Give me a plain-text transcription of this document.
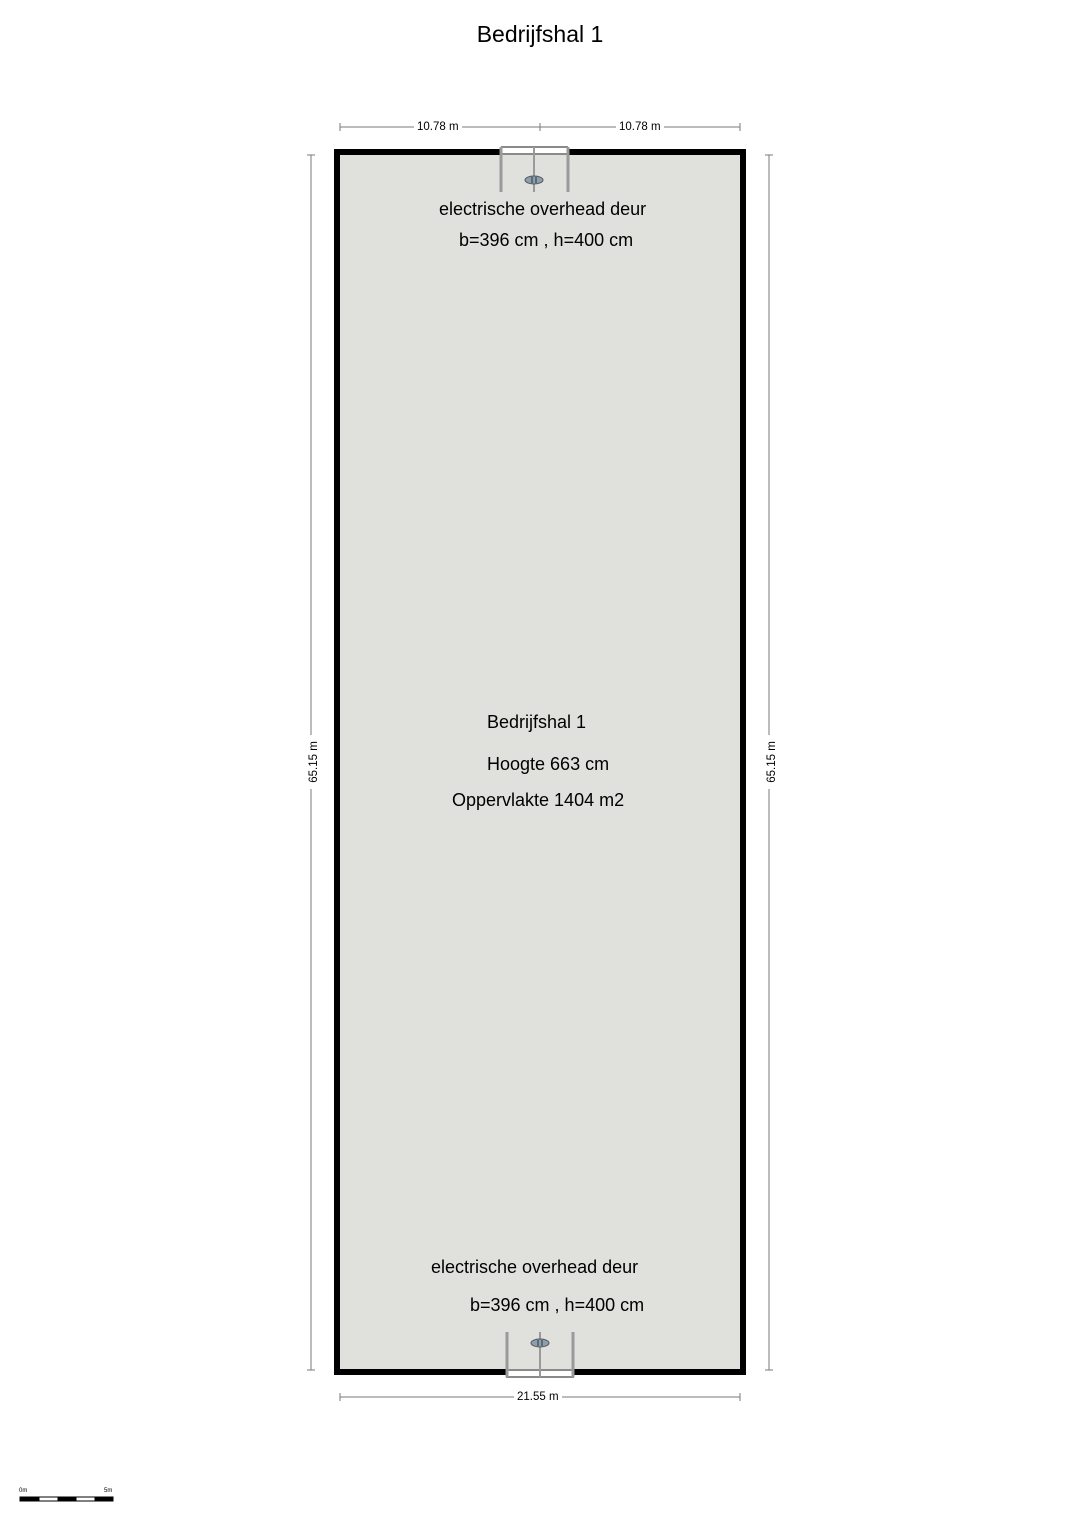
Bedrijfshal 1
10.78 m	10.78 m
21.55 m
65.15 m	65.15 m
electrische overhead deur
b=396 cm , h=400 cm
Bedrijfshal 1
Hoogte 663 cm
Oppervlakte 1404 m2
electrische overhead deur
b=396 cm , h=400 cm
0m	5m
